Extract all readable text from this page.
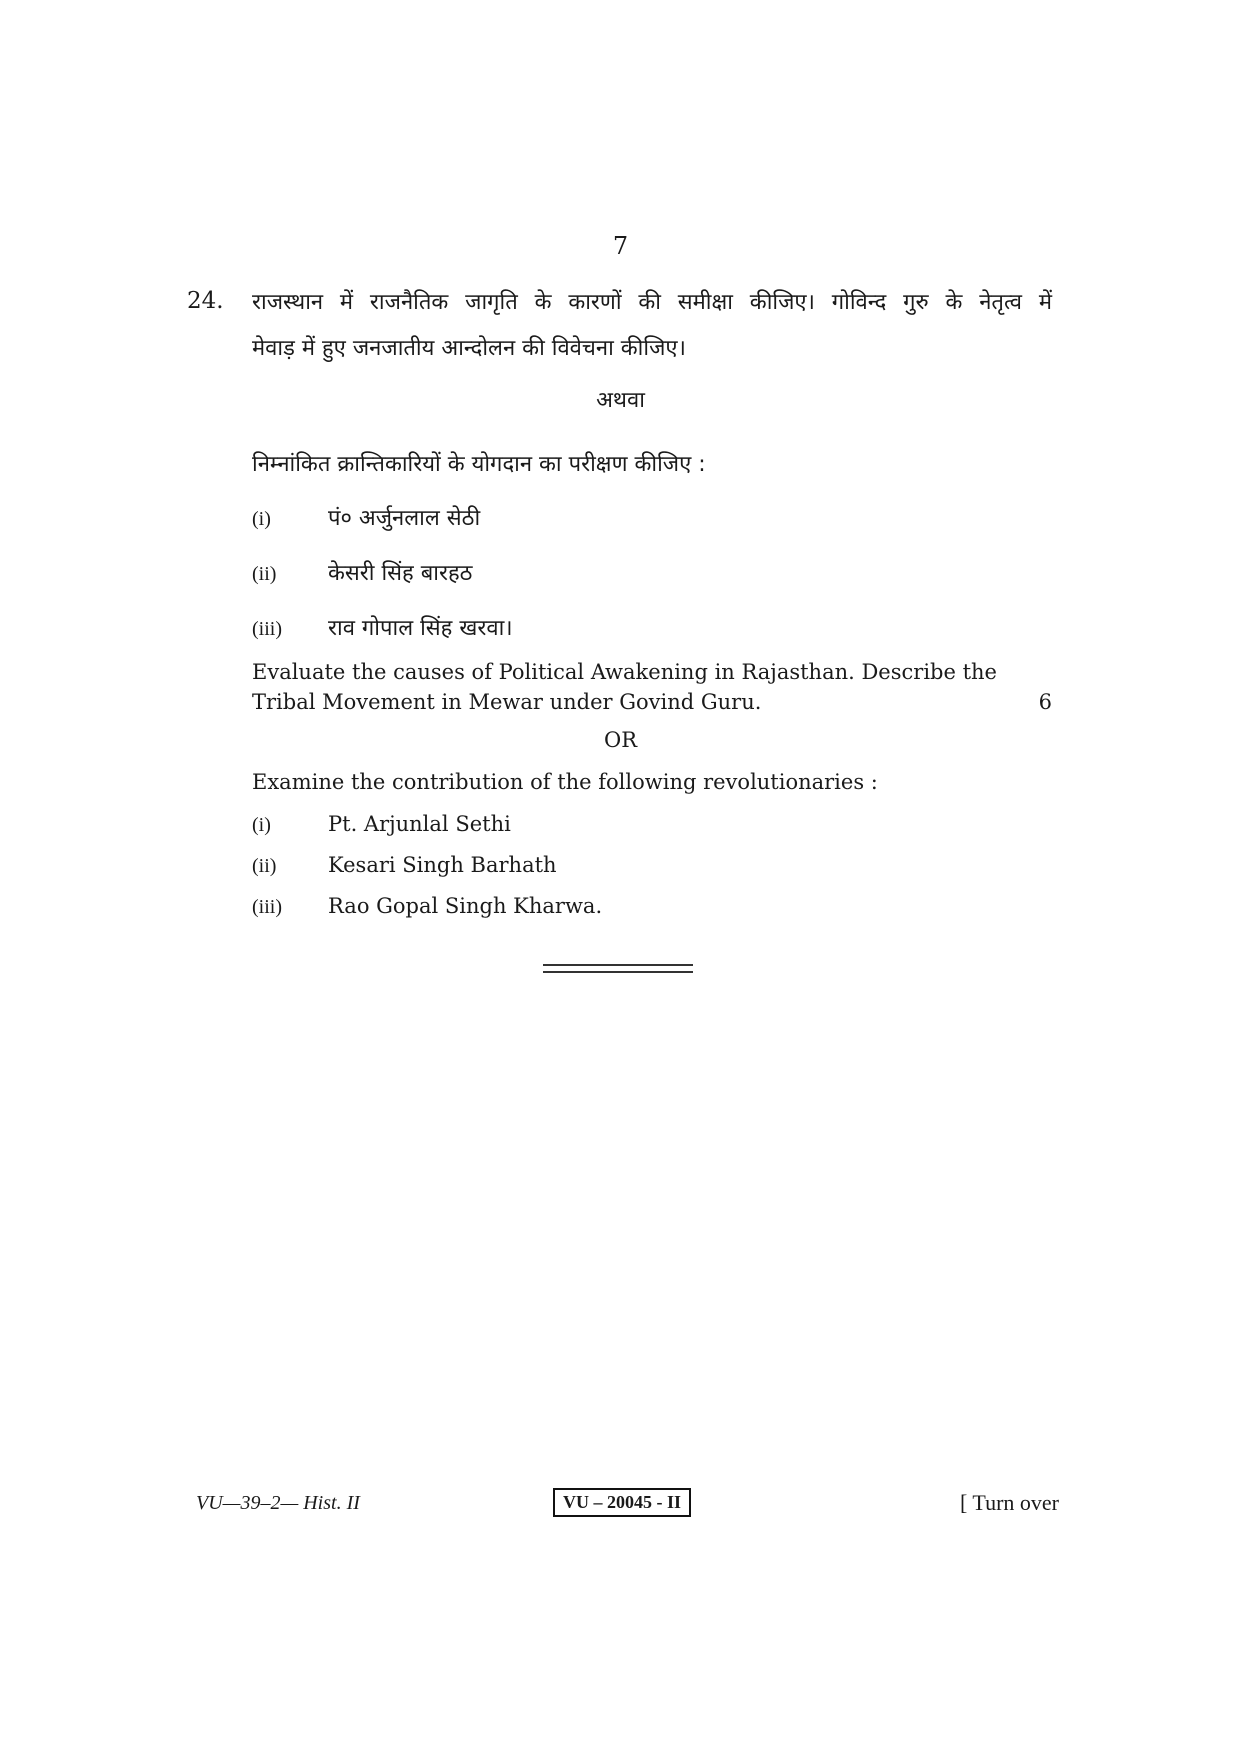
7
24. राजस्थान में राजनैतिक जागृति के कारणों की समीक्षा कीजिए। गोविन्द गुरु के नेतृत्व में
मेवाड़ में हुए जनजातीय आन्दोलन की विवेचना कीजिए।
अथवा
निम्नांकित क्रान्तिकारियों के योगदान का परीक्षण कीजिए :
(i)	पं० अर्जुनलाल सेठी
(ii)	केसरी सिंह बारहठ
(iii)	राव गोपाल सिंह खरवा।
Evaluate the causes of Political Awakening in Rajasthan. Describe the
Tribal Movement in Mewar under Govind Guru.	6
OR
Examine the contribution of the following revolutionaries :
(i)	Pt. Arjunlal Sethi
(ii)	Kesari Singh Barhath
(iii)	Rao Gopal Singh Kharwa.
VU—39–2— Hist. II	VU – 20045 - II	[ Turn over
